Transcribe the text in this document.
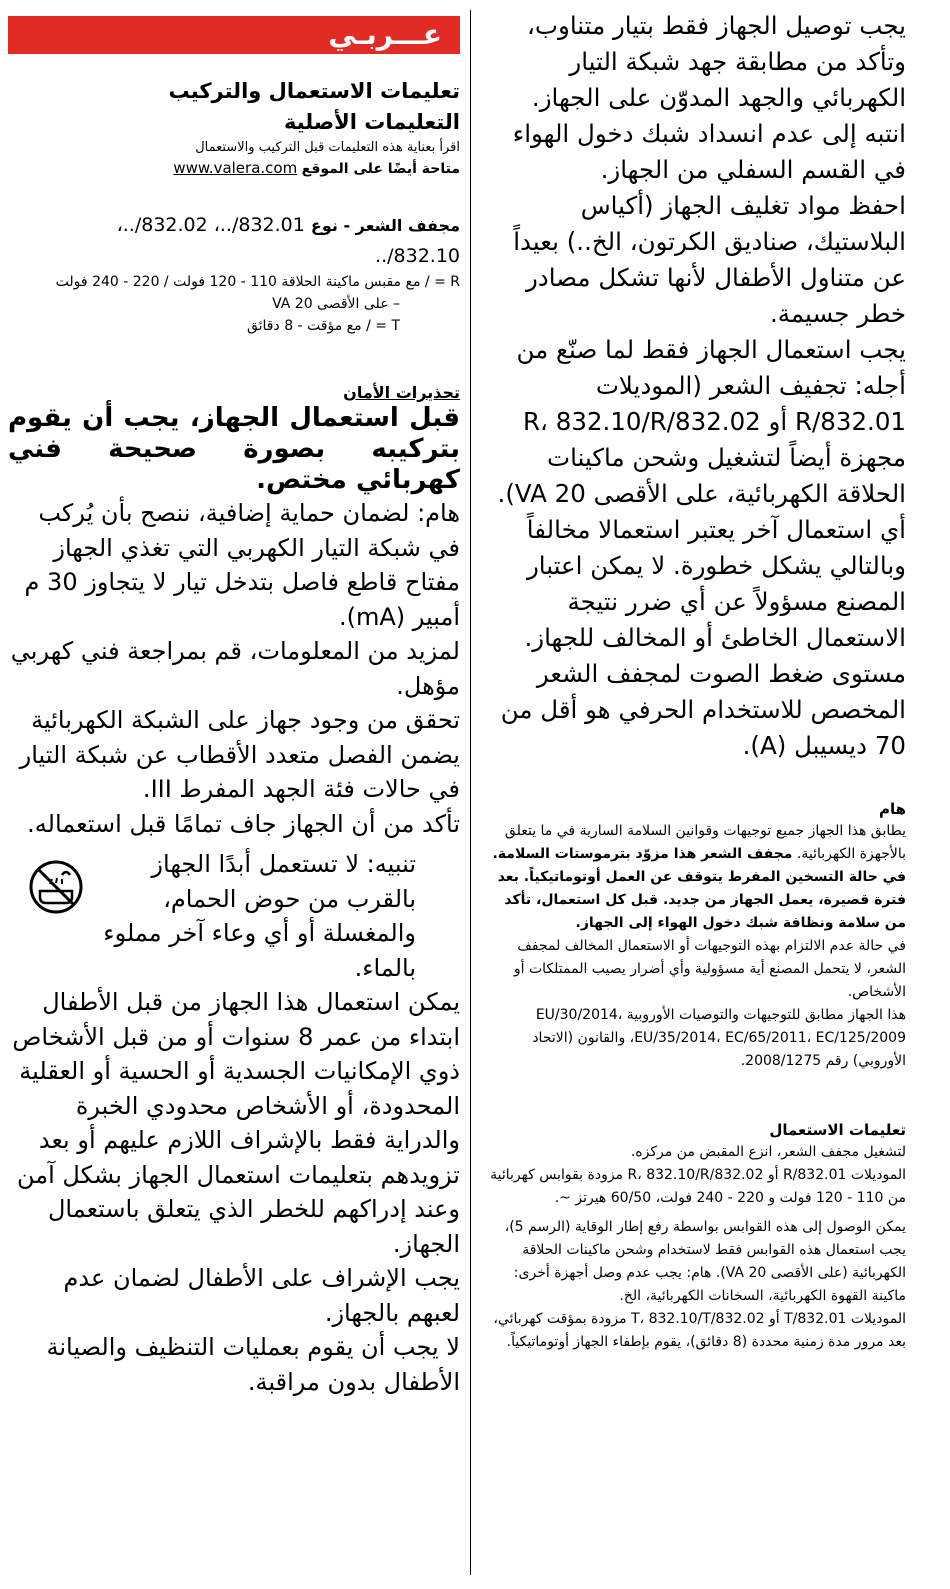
عـــربـي
تعليمات الاستعمال والتركيب
التعليمات الأصلية
اقرأ بعناية هذه التعليمات قبل التركيب والاستعمال
متاحة أيضًا على الموقع www.valera.com
مجفف الشعر - نوع 832.01/..، 832.02/..،
832.10/..
R = / مع مقبس ماكينة الحلاقة 110 - 120 فولت / 220 - 240 فولت
– على الأقصى 20 VA
T = / مع مؤقت - 8 دقائق
تحذيرات الأمان
قبل استعمال الجهاز، يجب أن يقوم بتركيبه بصورة صحيحة فني كهربائي مختص.
هام: لضمان حماية إضافية، ننصح بأن يُركب في شبكة التيار الكهربي التي تغذي الجهاز مفتاح قاطع فاصل بتدخل تيار لا يتجاوز 30 م أمبير (mA).
لمزيد من المعلومات، قم بمراجعة فني كهربي مؤهل.
تحقق من وجود جهاز على الشبكة الكهربائية يضمن الفصل متعدد الأقطاب عن شبكة التيار في حالات فئة الجهد المفرط III.
تأكد من أن الجهاز جاف تمامًا قبل استعماله.
تنبيه: لا تستعمل أبدًا الجهاز بالقرب من حوض الحمام، والمغسلة أو أي وعاء آخر مملوء بالماء.
يمكن استعمال هذا الجهاز من قبل الأطفال ابتداء من عمر 8 سنوات أو من قبل الأشخاص ذوي الإمكانيات الجسدية أو الحسية أو العقلية المحدودة، أو الأشخاص محدودي الخبرة والدراية فقط بالإشراف اللازم عليهم أو بعد تزويدهم بتعليمات استعمال الجهاز بشكل آمن وعند إدراكهم للخطر الذي يتعلق باستعمال الجهاز.
يجب الإشراف على الأطفال لضمان عدم لعبهم بالجهاز.
لا يجب أن يقوم بعمليات التنظيف والصيانة الأطفال بدون مراقبة.
يجب توصيل الجهاز فقط بتيار متناوب، وتأكد من مطابقة جهد شبكة التيار الكهربائي والجهد المدوّن على الجهاز.
انتبه إلى عدم انسداد شبك دخول الهواء في القسم السفلي من الجهاز.
احفظ مواد تغليف الجهاز (أكياس البلاستيك، صناديق الكرتون، الخ..) بعيداً عن متناول الأطفال لأنها تشكل مصادر خطر جسيمة.
يجب استعمال الجهاز فقط لما صنّع من أجله: تجفيف الشعر (الموديلات 832.01/R أو 832.02/R، 832.10/R مجهزة أيضاً لتشغيل وشحن ماكينات الحلاقة الكهربائية، على الأقصى 20 VA). أي استعمال آخر يعتبر استعمالا مخالفاً وبالتالي يشكل خطورة. لا يمكن اعتبار المصنع مسؤولاً عن أي ضرر نتيجة الاستعمال الخاطئ أو المخالف للجهاز.
مستوى ضغط الصوت لمجفف الشعر المخصص للاستخدام الحرفي هو أقل من 70 ديسيبل (A).
هام
يطابق هذا الجهاز جميع توجيهات وقوانين السلامة السارية في ما يتعلق بالأجهزة الكهربائية. مجفف الشعر هذا مزوّد بترموستات السلامة. في حالة التسخين المفرط يتوقف عن العمل أوتوماتيكياً. بعد فترة قصيرة، يعمل الجهاز من جديد. قبل كل استعمال، تأكد من سلامة ونظافة شبك دخول الهواء إلى الجهاز.
في حالة عدم الالتزام بهذه التوجيهات أو الاستعمال المخالف لمجفف الشعر، لا يتحمل المصنع أية مسؤولية وأي أضرار يصيب الممتلكات أو الأشخاص.
هذا الجهاز مطابق للتوجيهات والتوصيات الأوروبية EU/30/2014، EU/35/2014، EC/65/2011، EC/125/2009، والقانون (الاتحاد الأوروبي) رقم 2008/1275.
تعليمات الاستعمال
لتشغيل مجفف الشعر، انزع المقبض من مركزه.
الموديلات 832.01/R أو 832.02/R، 832.10/R مزودة بقوابس كهربائية من 110 - 120 فولت و 220 - 240 فولت، 60/50 هيرتز ~.
يمكن الوصول إلى هذه القوابس بواسطة رفع إطار الوقاية (الرسم 5)، يجب استعمال هذه القوابس فقط لاستخدام وشحن ماكينات الحلاقة الكهربائية (على الأقصى 20 VA). هام: يجب عدم وصل أجهزة أخرى: ماكينة القهوة الكهربائية، السخانات الكهربائية، الخ.
الموديلات 832.01/T أو 832.02/T، 832.10/T مزودة بمؤقت كهربائي، بعد مرور مدة زمنية محددة (8 دقائق)، يقوم بإطفاء الجهاز أوتوماتيكياً.
